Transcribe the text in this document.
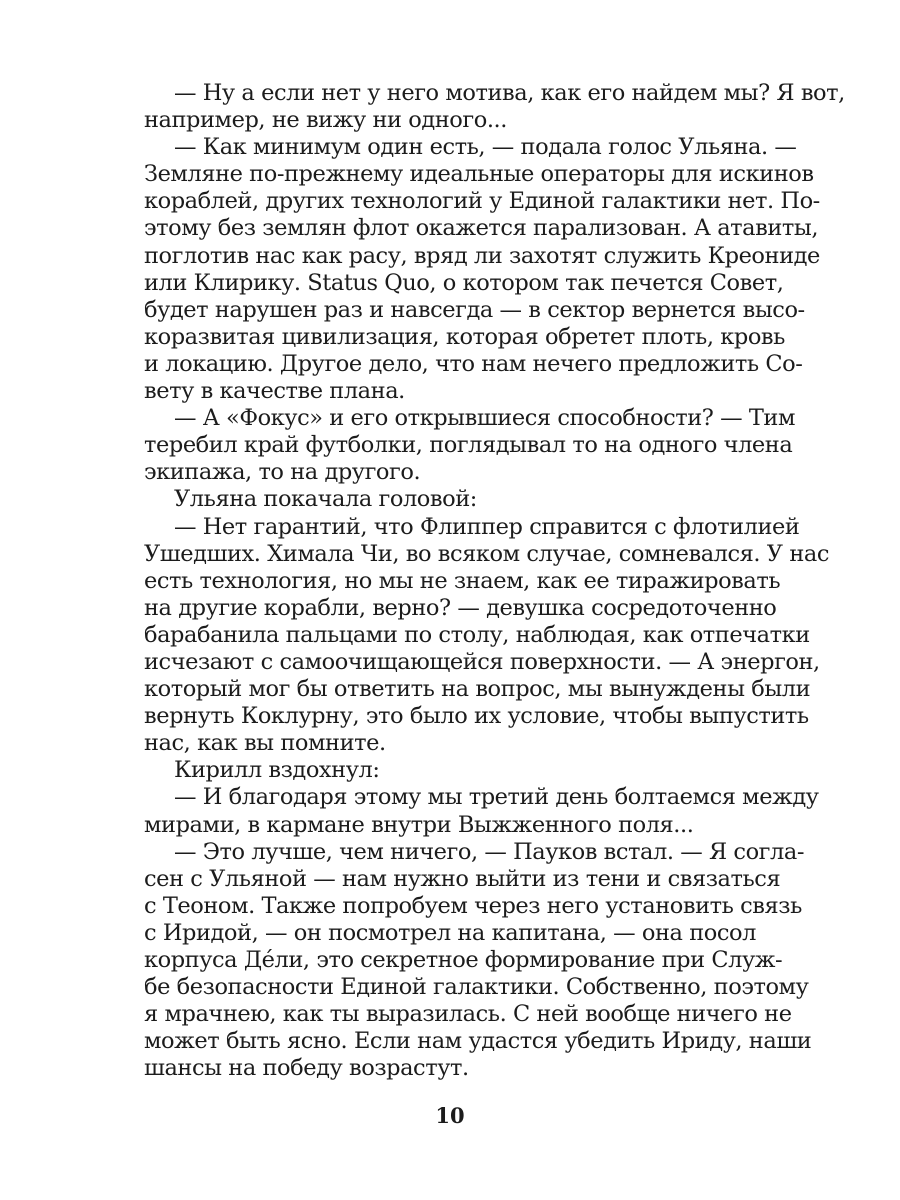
— Ну а если нет у него мотива, как его найдем мы? Я вот,
например, не вижу ни одного...
— Как минимум один есть, — подала голос Ульяна. —
Земляне по-прежнему идеальные операторы для искинов
кораблей, других технологий у Единой галактики нет. По-
этому без землян флот окажется парализован. А атавиты,
поглотив нас как расу, вряд ли захотят служить Креониде
или Клирику. Status Quo, о котором так печется Совет,
будет нарушен раз и навсегда — в сектор вернется высо-
коразвитая цивилизация, которая обретет плоть, кровь
и локацию. Другое дело, что нам нечего предложить Со-
вету в качестве плана.
— А «Фокус» и его открывшиеся способности? — Тим
теребил край футболки, поглядывал то на одного члена
экипажа, то на другого.
Ульяна покачала головой:
— Нет гарантий, что Флиппер справится с флотилией
Ушедших. Химала Чи, во всяком случае, сомневался. У нас
есть технология, но мы не знаем, как ее тиражировать
на другие корабли, верно? — девушка сосредоточенно
барабанила пальцами по столу, наблюдая, как отпечатки
исчезают с самоочищающейся поверхности. — А энергон,
который мог бы ответить на вопрос, мы вынуждены были
вернуть Коклурну, это было их условие, чтобы выпустить
нас, как вы помните.
Кирилл вздохнул:
— И благодаря этому мы третий день болтаемся между
мирами, в кармане внутри Выжженного поля...
— Это лучше, чем ничего, — Пауков встал. — Я согла-
сен с Ульяной — нам нужно выйти из тени и связаться
с Теоном. Также попробуем через него установить связь
с Иридой, — он посмотрел на капитана, — она посол
корпуса Дéли, это секретное формирование при Служ-
бе безопасности Единой галактики. Собственно, поэтому
я мрачнею, как ты выразилась. С ней вообще ничего не
может быть ясно. Если нам удастся убедить Ириду, наши
шансы на победу возрастут.
10
